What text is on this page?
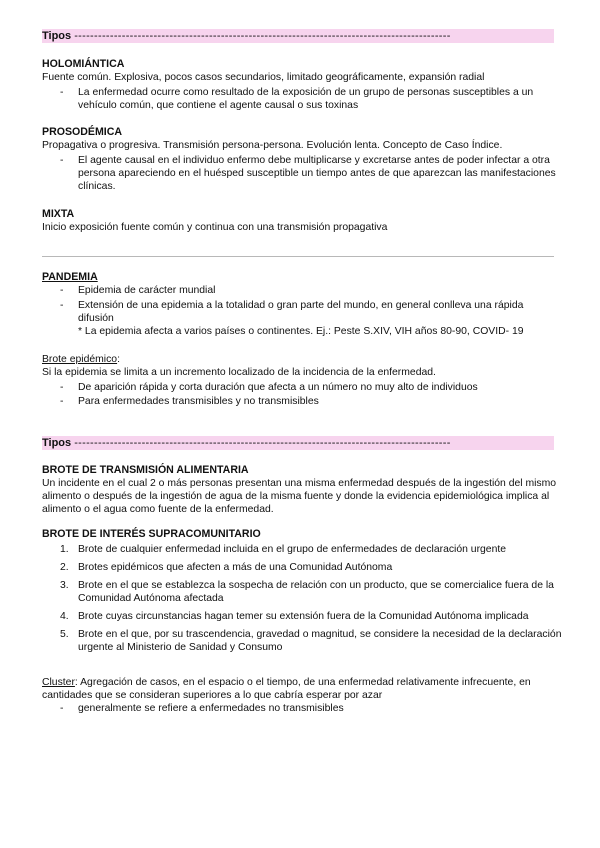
Tipos -----------------------------------------------------------------------------------------------
HOLOMIÁNTICA
Fuente común. Explosiva, pocos casos secundarios, limitado geográficamente, expansión radial
- La enfermedad ocurre como resultado de la exposición de un grupo de personas susceptibles a un vehículo común, que contiene el agente causal o sus toxinas
PROSODÉMICA
Propagativa o progresiva. Transmisión persona-persona. Evolución lenta. Concepto de Caso Índice.
- El agente causal en el individuo enfermo debe multiplicarse y excretarse antes de poder infectar a otra persona apareciendo en el huésped susceptible un tiempo antes de que aparezcan las manifestaciones clínicas.
MIXTA
Inicio exposición fuente común y continua con una transmisión propagativa
PANDEMIA
- Epidemia de carácter mundial
- Extensión de una epidemia a la totalidad o gran parte del mundo, en general conlleva una rápida difusión
* La epidemia afecta a varios países o continentes. Ej.: Peste S.XIV, VIH años 80-90, COVID- 19
Brote epidémico:
Si la epidemia se limita a un incremento localizado de la incidencia de la enfermedad.
- De aparición rápida y corta duración que afecta a un número no muy alto de individuos
- Para enfermedades transmisibles y no transmisibles
Tipos -----------------------------------------------------------------------------------------------
BROTE DE TRANSMISIÓN ALIMENTARIA
Un incidente en el cual 2 o más personas presentan una misma enfermedad después de la ingestión del mismo alimento o después de la ingestión de agua de la misma fuente y donde la evidencia epidemiológica implica al alimento o el agua como fuente de la enfermedad.
BROTE DE INTERÉS SUPRACOMUNITARIO
1. Brote de cualquier enfermedad incluida en el grupo de enfermedades de declaración urgente
2. Brotes epidémicos que afecten a más de una Comunidad Autónoma
3. Brote en el que se establezca la sospecha de relación con un producto, que se comercialice fuera de la Comunidad Autónoma afectada
4. Brote cuyas circunstancias hagan temer su extensión fuera de la Comunidad Autónoma implicada
5. Brote en el que, por su trascendencia, gravedad o magnitud, se considere la necesidad de la declaración urgente al Ministerio de Sanidad y Consumo
Cluster: Agregación de casos, en el espacio o el tiempo, de una enfermedad relativamente infrecuente, en cantidades que se consideran superiores a lo que cabría esperar por azar
- generalmente se refiere a enfermedades no transmisibles
